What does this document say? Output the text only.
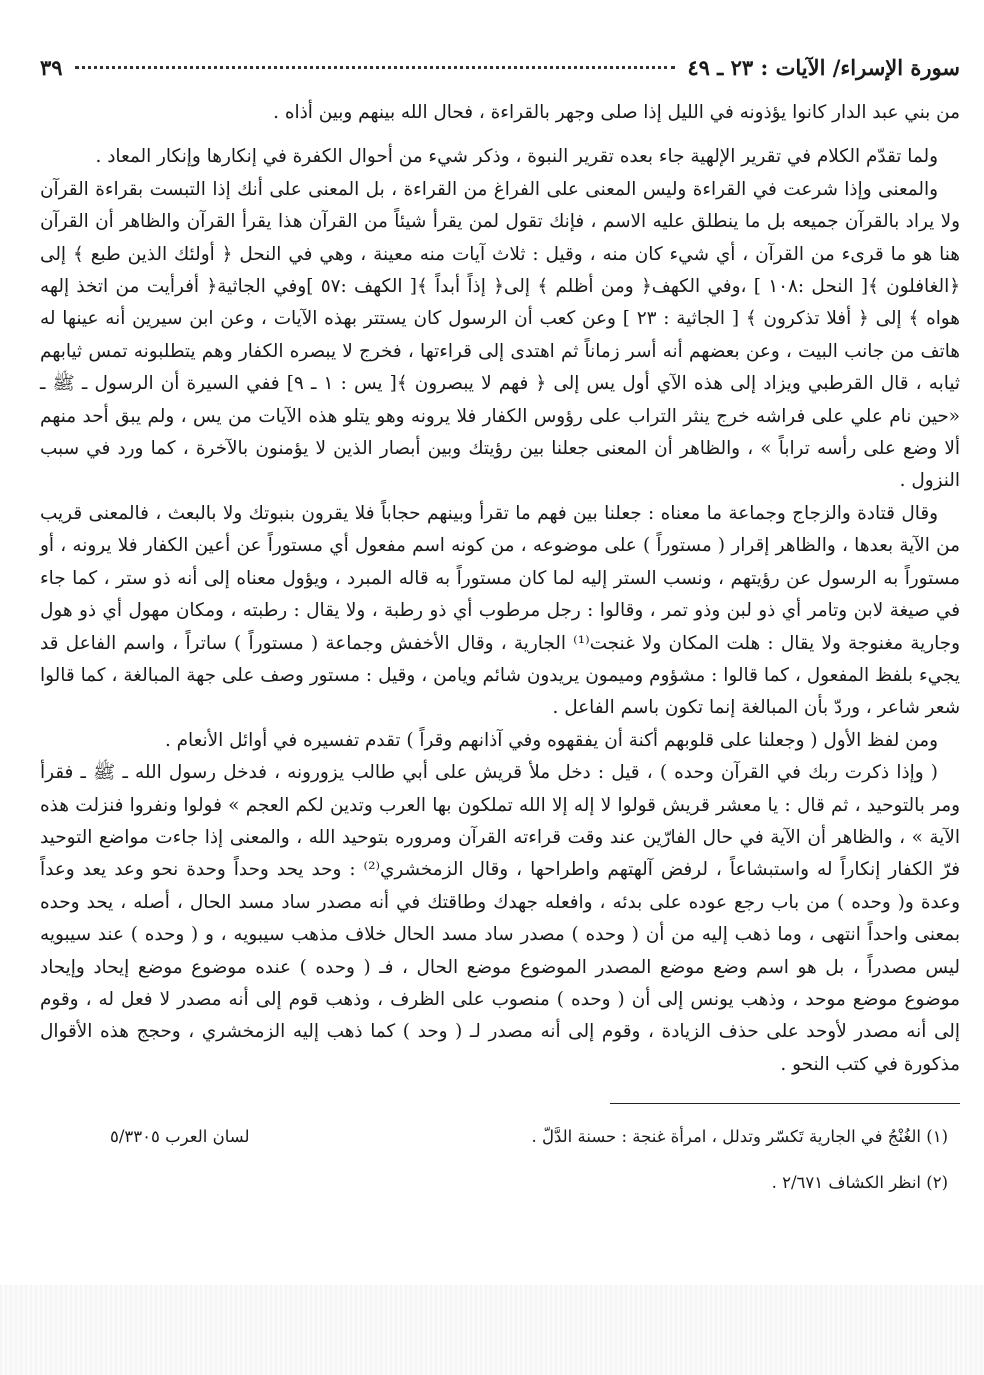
سورة الإسراء/ الآيات : ٢٣ ـ ٤٩
٣٩

من بني عبد الدار كانوا يؤذونه في الليل إذا صلى وجهر بالقراءة ، فحال الله بينهم وبين أذاه .

ولما تقدّم الكلام في تقرير الإلهية جاء بعده تقرير النبوة ، وذكر شيء من أحوال الكفرة في إنكارها وإنكار المعاد .

والمعنى وإذا شرعت في القراءة وليس المعنى على الفراغ من القراءة ، بل المعنى على أنك إذا التبست بقراءة القرآن ولا يراد بالقرآن جميعه بل ما ينطلق عليه الاسم ، فإنك تقول لمن يقرأ شيئاً من القرآن هذا يقرأ القرآن والظاهر أن القرآن هنا هو ما قرىء من القرآن ، أي شيء كان منه ، وقيل : ثلاث آيات منه معينة ، وهي في النحل ﴿ أولئك الذين طبع ﴾ إلى ﴿الغافلون ﴾[ النحل :١٠٨ ] ،وفي الكهف﴿ ومن أظلم ﴾ إلى﴿ إذاً أبداً ﴾[ الكهف :٥٧ ]وفي الجاثية﴿ أفرأيت من اتخذ إلهه هواه ﴾ إلى ﴿ أفلا تذكرون ﴾ [ الجاثية : ٢٣ ] وعن كعب أن الرسول كان يستتر بهذه الآيات ، وعن ابن سيرين أنه عينها له هاتف من جانب البيت ، وعن بعضهم أنه أسر زماناً ثم اهتدى إلى قراءتها ، فخرج لا يبصره الكفار وهم يتطلبونه تمس ثيابهم ثيابه ، قال القرطبي ويزاد إلى هذه الآي أول يس إلى ﴿ فهم لا يبصرون ﴾[ يس : ١ ـ ٩] ففي السيرة أن الرسول ـ ﷺ ـ «حين نام علي على فراشه خرج ينثر التراب على رؤوس الكفار فلا يرونه وهو يتلو هذه الآيات من يس ، ولم يبق أحد منهم ألا وضع على رأسه تراباً » ، والظاهر أن المعنى جعلنا بين رؤيتك وبين أبصار الذين لا يؤمنون بالآخرة ، كما ورد في سبب النزول .

وقال قتادة والزجاج وجماعة ما معناه : جعلنا بين فهم ما تقرأ وبينهم حجاباً فلا يقرون بنبوتك ولا بالبعث ، فالمعنى قريب من الآية بعدها ، والظاهر إقرار ( مستوراً ) على موضوعه ، من كونه اسم مفعول أي مستوراً عن أعين الكفار فلا يرونه ، أو مستوراً به الرسول عن رؤيتهم ، ونسب الستر إليه لما كان مستوراً به قاله المبرد ، ويؤول معناه إلى أنه ذو ستر ، كما جاء في صيغة لابن وتامر أي ذو لبن وذو تمر ، وقالوا : رجل مرطوب أي ذو رطبة ، ولا يقال : رطبته ، ومكان مهول أي ذو هول وجارية مغنوجة ولا يقال : هلت المكان ولا غنجت⁽¹⁾ الجارية ، وقال الأخفش وجماعة ( مستوراً ) ساتراً ، واسم الفاعل قد يجيء بلفظ المفعول ، كما قالوا : مشؤوم وميمون يريدون شائم ويامن ، وقيل : مستور وصف على جهة المبالغة ، كما قالوا شعر شاعر ، وردّ بأن المبالغة إنما تكون باسم الفاعل .

ومن لفظ الأول ( وجعلنا على قلوبهم أكنة أن يفقهوه وفي آذانهم وقراً ) تقدم تفسيره في أوائل الأنعام .

( وإذا ذكرت ربك في القرآن وحده ) ، قيل : دخل ملأ قريش على أبي طالب يزورونه ، فدخل رسول الله ـ ﷺ ـ فقرأ ومر بالتوحيد ، ثم قال : يا معشر قريش قولوا لا إله إلا الله تملكون بها العرب وتدين لكم العجم » فولوا ونفروا فنزلت هذه الآية » ، والظاهر أن الآية في حال الفارّين عند وقت قراءته القرآن ومروره بتوحيد الله ، والمعنى إذا جاءت مواضع التوحيد فرّ الكفار إنكاراً له واستبشاعاً ، لرفض آلهتهم واطراحها ، وقال الزمخشري⁽²⁾ : وحد يحد وحداً وحدة نحو وعد يعد وعداً وعدة و( وحده ) من باب رجع عوده على بدئه ، وافعله جهدك وطاقتك في أنه مصدر ساد مسد الحال ، أصله ، يحد وحده بمعنى واحداً انتهى ، وما ذهب إليه من أن ( وحده ) مصدر ساد مسد الحال خلاف مذهب سيبويه ، و ( وحده ) عند سيبويه ليس مصدراً ، بل هو اسم وضع موضع المصدر الموضوع موضع الحال ، فـ ( وحده ) عنده موضوع موضع إيحاد وإيحاد موضوع موضع موحد ، وذهب يونس إلى أن ( وحده ) منصوب على الظرف ، وذهب قوم إلى أنه مصدر لا فعل له ، وقوم إلى أنه مصدر لأوحد على حذف الزيادة ، وقوم إلى أنه مصدر لـ ( وحد ) كما ذهب إليه الزمخشري ، وحجج هذه الأقوال مذكورة في كتب النحو .

(١) الغُنْجُ في الجارية تَكسّر وتدلل ، امرأة غنجة : حسنة الدَّلّ .
لسان العرب ٥/٣٣٠٥
(٢) انظر الكشاف ٢/٦٧١ .
